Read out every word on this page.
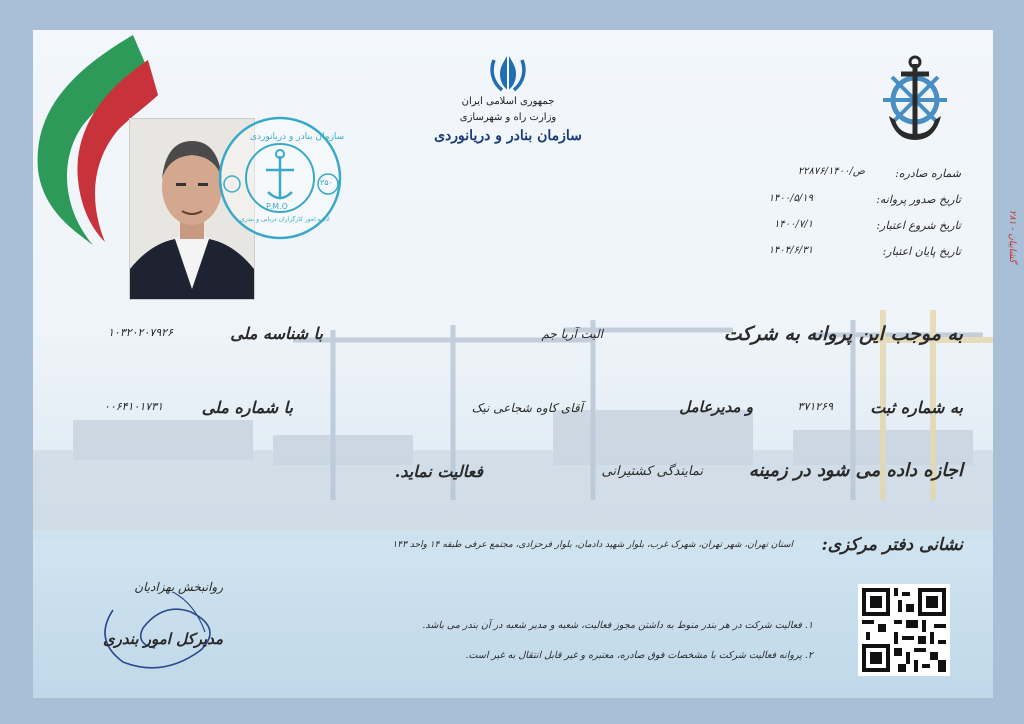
سازمان بنادر و دریانوردی
P.M.O
۲۵۰
اداره امور کارگزاران دریایی و بندری
جمهوری اسلامی ایران
وزارت راه و شهرسازی
سازمان بنادر و دریانوردی
شماره صادره:
ص/۲۲۸۷۶/۱۴۰۰
تاریخ صدور پروانه:
۱۴۰۰/۵/۱۹
تاریخ شروع اعتبار:
۱۴۰۰/۷/۱
تاریخ پایان اعتبار:
۱۴۰۴/۶/۳۱
به موجب این پروانه به شرکت
الیت آریا جم
با شناسه ملی
۱۰۳۲۰۲۰۷۹۲۶
به شماره ثبت
۳۷۱۲۶۹
و مدیرعامل
آقای کاوه شجاعی نیک
با شماره ملی
۰۰۶۴۱۰۱۷۳۱
اجازه داده می شود در زمینه
نمایندگی کشتیرانی
فعالیت نماید.
نشانی دفتر مرکزی:
استان تهران، شهر تهران، شهرک غرب، بلوار شهید دادمان، بلوار فرحزادی، مجتمع عرفی طبقه ۱۴ واحد ۱۴۳
۱. فعالیت شرکت در هر بندر منوط به داشتن مجوز فعالیت، شعبه و مدیر شعبه در آن بندر می باشد.
۲. پروانه فعالیت شرکت با مشخصات فوق صادره، معتبره و غیر قابل انتقال به غیر است.
روانبخش بهزادیان
مدیرکل امور بندری
۲۸۱ - گشاییان
